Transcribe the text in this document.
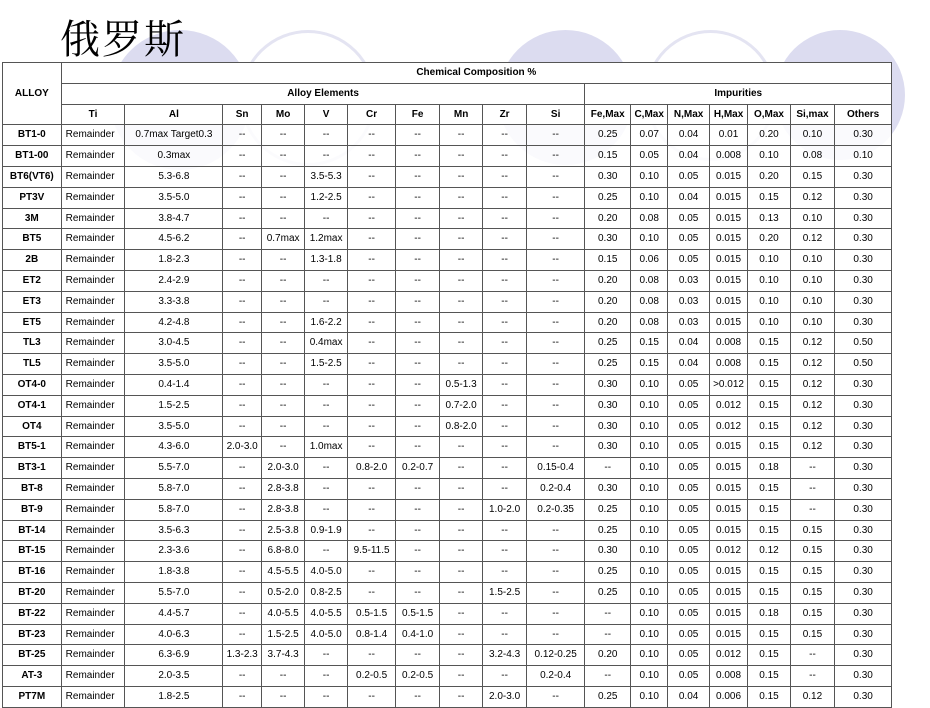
俄罗斯
ALLOY	Chemical Composition %																
	Alloy Elements										Impurities						
	Ti	Al	Sn	Mo	V	Cr	Fe	Mn	Zr	Si	Fe,Max	C,Max	N,Max	H,Max	O,Max	Si,max	Others
BT1-0	Remainder	0.7max Target0.3	--	--	--	--	--	--	--	--	0.25	0.07	0.04	0.01	0.20	0.10	0.30
BT1-00	Remainder	0.3max	--	--	--	--	--	--	--	--	0.15	0.05	0.04	0.008	0.10	0.08	0.10
BT6(VT6)	Remainder	5.3-6.8	--	--	3.5-5.3	--	--	--	--	--	0.30	0.10	0.05	0.015	0.20	0.15	0.30
PT3V	Remainder	3.5-5.0	--	--	1.2-2.5	--	--	--	--	--	0.25	0.10	0.04	0.015	0.15	0.12	0.30
3M	Remainder	3.8-4.7	--	--	--	--	--	--	--	--	0.20	0.08	0.05	0.015	0.13	0.10	0.30
BT5	Remainder	4.5-6.2	--	0.7max	1.2max	--	--	--	--	--	0.30	0.10	0.05	0.015	0.20	0.12	0.30
2B	Remainder	1.8-2.3	--	--	1.3-1.8	--	--	--	--	--	0.15	0.06	0.05	0.015	0.10	0.10	0.30
ET2	Remainder	2.4-2.9	--	--	--	--	--	--	--	--	0.20	0.08	0.03	0.015	0.10	0.10	0.30
ET3	Remainder	3.3-3.8	--	--	--	--	--	--	--	--	0.20	0.08	0.03	0.015	0.10	0.10	0.30
ET5	Remainder	4.2-4.8	--	--	1.6-2.2	--	--	--	--	--	0.20	0.08	0.03	0.015	0.10	0.10	0.30
TL3	Remainder	3.0-4.5	--	--	0.4max	--	--	--	--	--	0.25	0.15	0.04	0.008	0.15	0.12	0.50
TL5	Remainder	3.5-5.0	--	--	1.5-2.5	--	--	--	--	--	0.25	0.15	0.04	0.008	0.15	0.12	0.50
OT4-0	Remainder	0.4-1.4	--	--	--	--	--	0.5-1.3	--	--	0.30	0.10	0.05	>0.012	0.15	0.12	0.30
OT4-1	Remainder	1.5-2.5	--	--	--	--	--	0.7-2.0	--	--	0.30	0.10	0.05	0.012	0.15	0.12	0.30
OT4	Remainder	3.5-5.0	--	--	--	--	--	0.8-2.0	--	--	0.30	0.10	0.05	0.012	0.15	0.12	0.30
BT5-1	Remainder	4.3-6.0	2.0-3.0	--	1.0max	--	--	--	--	--	0.30	0.10	0.05	0.015	0.15	0.12	0.30
BT3-1	Remainder	5.5-7.0	--	2.0-3.0	--	0.8-2.0	0.2-0.7	--	--	0.15-0.4	--	0.10	0.05	0.015	0.18	--	0.30
BT-8	Remainder	5.8-7.0	--	2.8-3.8	--	--	--	--	--	0.2-0.4	0.30	0.10	0.05	0.015	0.15	--	0.30
BT-9	Remainder	5.8-7.0	--	2.8-3.8	--	--	--	--	1.0-2.0	0.2-0.35	0.25	0.10	0.05	0.015	0.15	--	0.30
BT-14	Remainder	3.5-6.3	--	2.5-3.8	0.9-1.9	--	--	--	--	--	0.25	0.10	0.05	0.015	0.15	0.15	0.30
BT-15	Remainder	2.3-3.6	--	6.8-8.0	--	9.5-11.5	--	--	--	--	0.30	0.10	0.05	0.012	0.12	0.15	0.30
BT-16	Remainder	1.8-3.8	--	4.5-5.5	4.0-5.0	--	--	--	--	--	0.25	0.10	0.05	0.015	0.15	0.15	0.30
BT-20	Remainder	5.5-7.0	--	0.5-2.0	0.8-2.5	--	--	--	1.5-2.5	--	0.25	0.10	0.05	0.015	0.15	0.15	0.30
BT-22	Remainder	4.4-5.7	--	4.0-5.5	4.0-5.5	0.5-1.5	0.5-1.5	--	--	--	--	0.10	0.05	0.015	0.18	0.15	0.30
BT-23	Remainder	4.0-6.3	--	1.5-2.5	4.0-5.0	0.8-1.4	0.4-1.0	--	--	--	--	0.10	0.05	0.015	0.15	0.15	0.30
BT-25	Remainder	6.3-6.9	1.3-2.3	3.7-4.3	--	--	--	--	3.2-4.3	0.12-0.25	0.20	0.10	0.05	0.012	0.15	--	0.30
AT-3	Remainder	2.0-3.5	--	--	--	0.2-0.5	0.2-0.5	--	--	0.2-0.4	--	0.10	0.05	0.008	0.15	--	0.30
PT7M	Remainder	1.8-2.5	--	--	--	--	--	--	2.0-3.0	--	0.25	0.10	0.04	0.006	0.15	0.12	0.30
